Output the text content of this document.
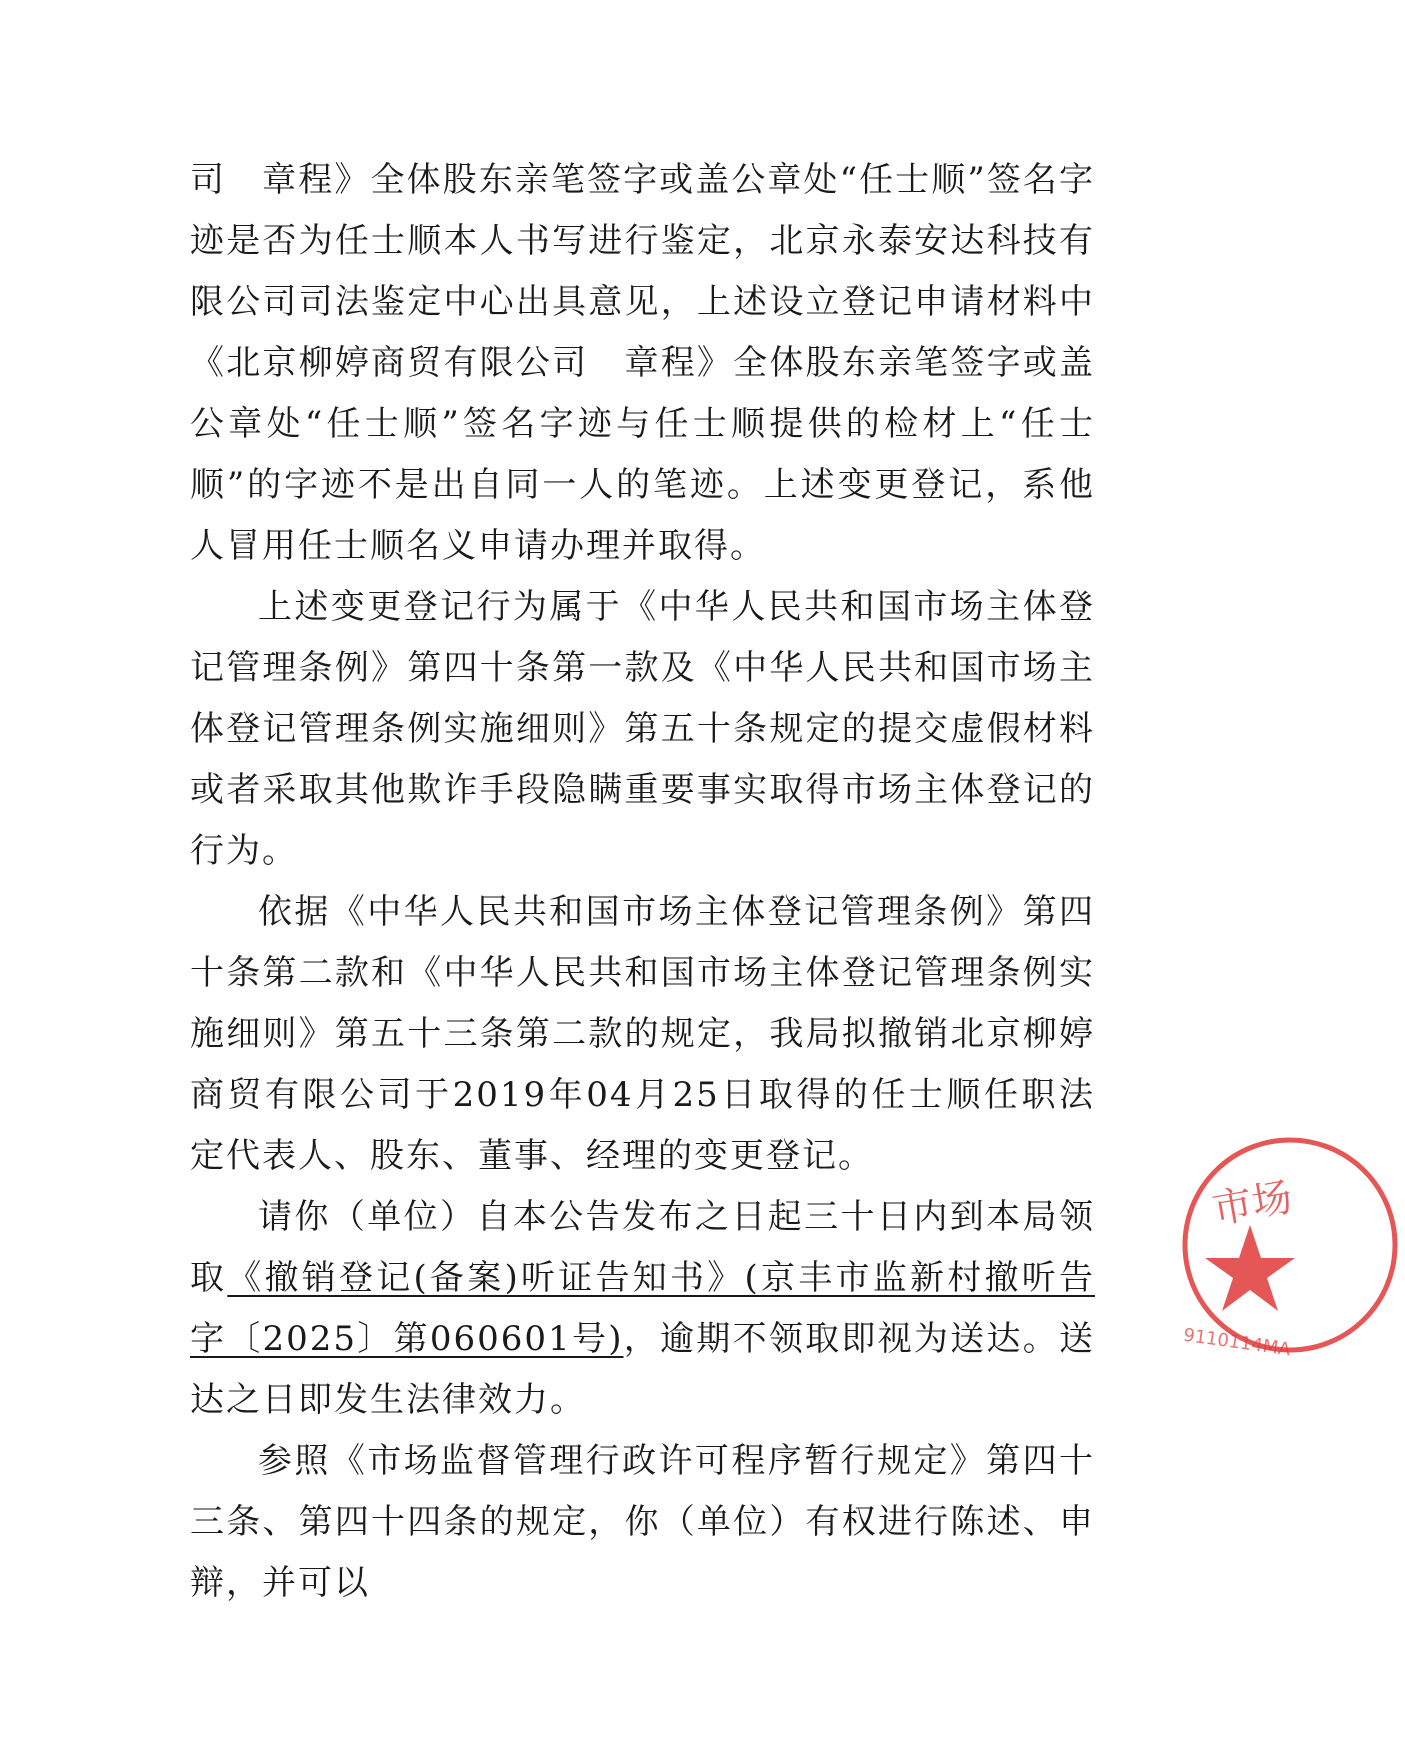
司　章程》全体股东亲笔签字或盖公章处“任士顺”签名字迹是否为任士顺本人书写进行鉴定，北京永泰安达科技有限公司司法鉴定中心出具意见，上述设立登记申请材料中《北京柳婷商贸有限公司　章程》全体股东亲笔签字或盖公章处“任士顺”签名字迹与任士顺提供的检材上“任士顺”的字迹不是出自同一人的笔迹。上述变更登记，系他人冒用任士顺名义申请办理并取得。

上述变更登记行为属于《中华人民共和国市场主体登记管理条例》第四十条第一款及《中华人民共和国市场主体登记管理条例实施细则》第五十条规定的提交虚假材料或者采取其他欺诈手段隐瞒重要事实取得市场主体登记的行为。

依据《中华人民共和国市场主体登记管理条例》第四十条第二款和《中华人民共和国市场主体登记管理条例实施细则》第五十三条第二款的规定，我局拟撤销北京柳婷商贸有限公司于2019年04月25日取得的任士顺任职法定代表人、股东、董事、经理的变更登记。

请你（单位）自本公告发布之日起三十日内到本局领取《撤销登记(备案)听证告知书》(京丰市监新村撤听告字〔2025〕第060601号)，逾期不领取即视为送达。送达之日即发生法律效力。

参照《市场监督管理行政许可程序暂行规定》第四十三条、第四十四条的规定，你（单位）有权进行陈述、申辩，并可以

市场
9110114MA
